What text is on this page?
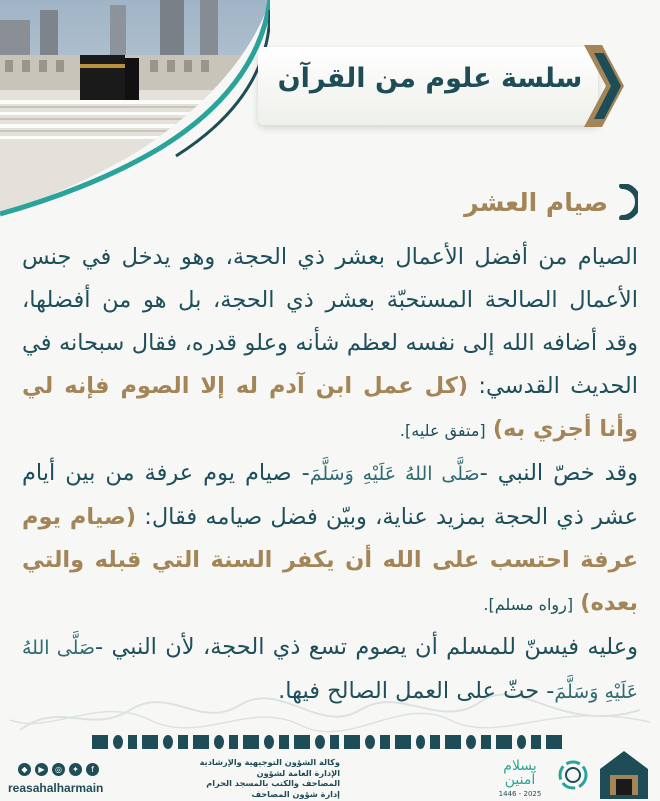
سلسة علوم من القرآن
صيام العشر

الصيام من أفضل الأعمال بعشر ذي الحجة، وهو يدخل في جنس الأعمال الصالحة المستحبّة بعشر ذي الحجة، بل هو من أفضلها، وقد أضافه الله إلى نفسه لعظم شأنه وعلو قدره، فقال سبحانه في الحديث القدسي: (كل عمل ابن آدم له إلا الصوم فإنه لي وأنا أجزي به) [متفق عليه].

وقد خصّ النبي -صَلَّى اللهُ عَلَيْهِ وَسَلَّمَ- صيام يوم عرفة من بين أيام عشر ذي الحجة بمزيد عناية، وبيّن فضل صيامه فقال: (صيام يوم عرفة احتسب على الله أن يكفر السنة التي قبله والتي بعده) [رواه مسلم].

وعليه فيسنّ للمسلم أن يصوم تسع ذي الحجة، لأن النبي -صَلَّى اللهُ عَلَيْهِ وَسَلَّمَ- حثّ على العمل الصالح فيها.

◆	▶	◎	✦	f
reasahalharmain
وكالة الشؤون التوجيهية والإرشادية
الإدارة العامة لشؤون
المصاحف والكتب بالمسجد الحرام
إدارة شؤون المصاحف
بسلام
آمنين
2025 - 1446
